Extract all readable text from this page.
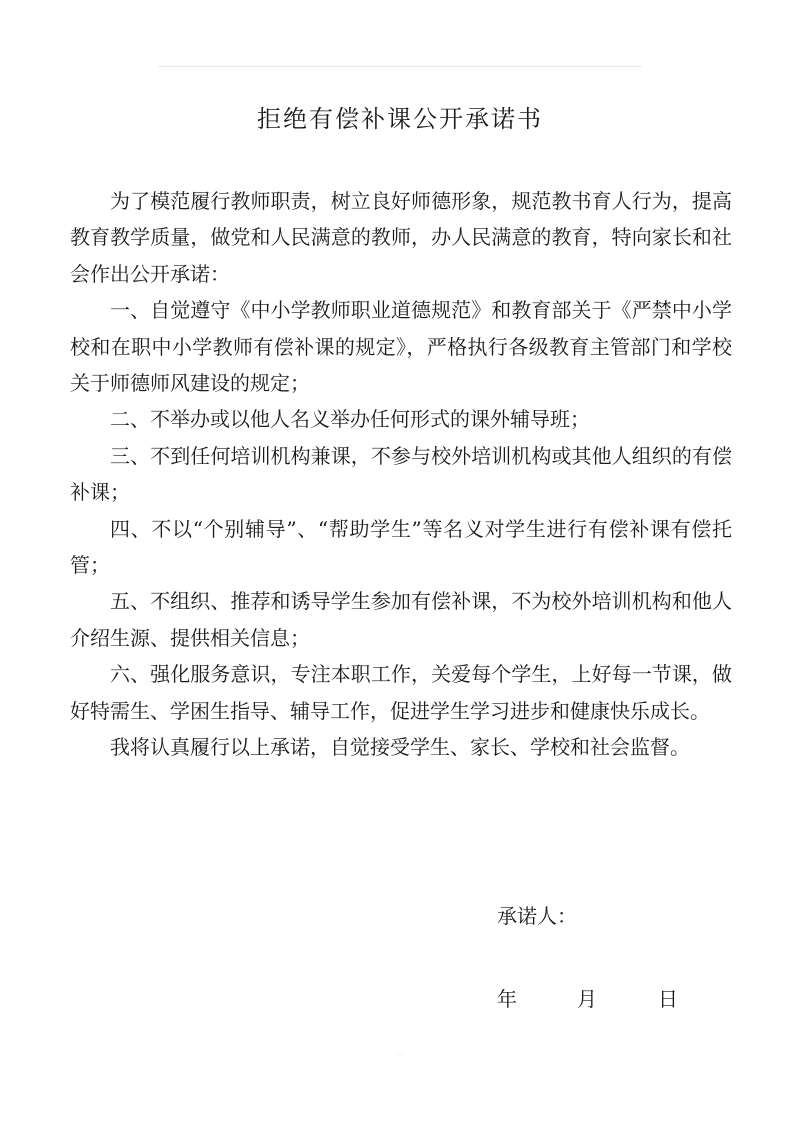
拒绝有偿补课公开承诺书

为了模范履行教师职责，树立良好师德形象，规范教书育人行为，提高教育教学质量，做党和人民满意的教师，办人民满意的教育，特向家长和社会作出公开承诺：

一、自觉遵守《中小学教师职业道德规范》和教育部关于《严禁中小学校和在职中小学教师有偿补课的规定》，严格执行各级教育主管部门和学校关于师德师风建设的规定；

二、不举办或以他人名义举办任何形式的课外辅导班；

三、不到任何培训机构兼课，不参与校外培训机构或其他人组织的有偿补课；

四、不以“个别辅导”、“帮助学生”等名义对学生进行有偿补课有偿托管；

五、不组织、推荐和诱导学生参加有偿补课，不为校外培训机构和他人介绍生源、提供相关信息；

六、强化服务意识，专注本职工作，关爱每个学生，上好每一节课，做好特需生、学困生指导、辅导工作，促进学生学习进步和健康快乐成长。

我将认真履行以上承诺，自觉接受学生、家长、学校和社会监督。

承诺人：

年	月	日
····
